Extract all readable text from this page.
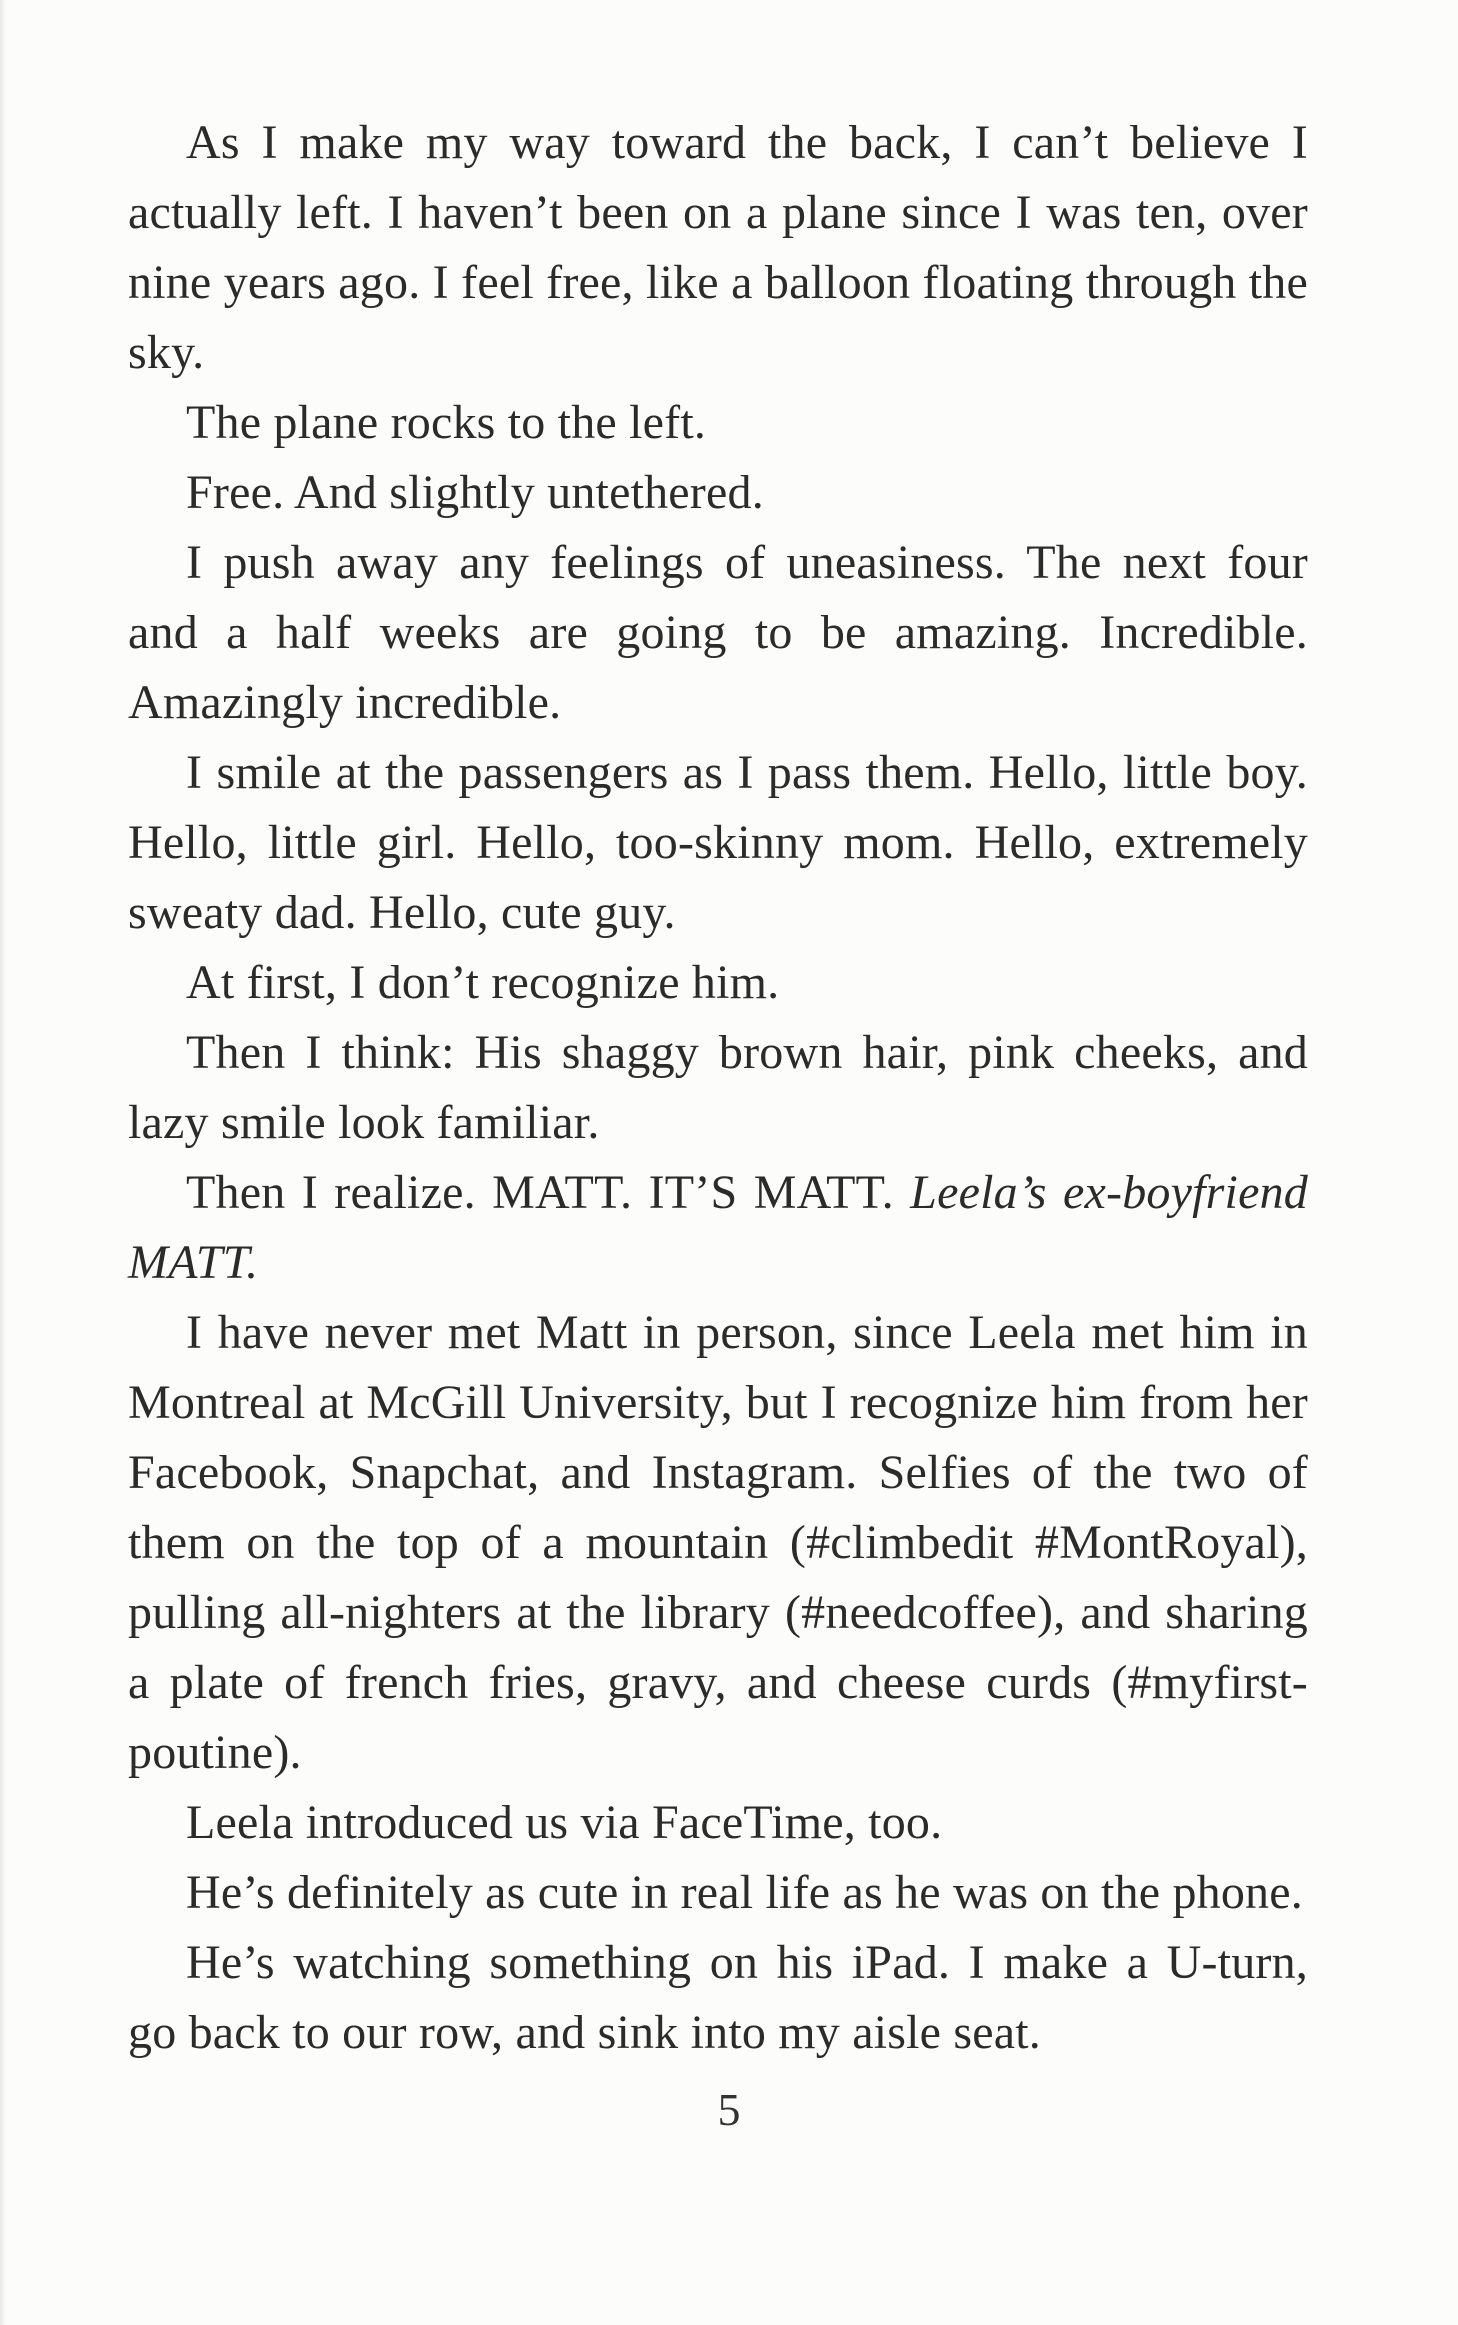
As I make my way toward the back, I can’t believe I actually left. I haven’t been on a plane since I was ten, over nine years ago. I feel free, like a balloon floating through the sky.

The plane rocks to the left.

Free. And slightly untethered.

I push away any feelings of uneasiness. The next four and a half weeks are going to be amazing. Incredible. Amazingly incredible.

I smile at the passengers as I pass them. Hello, little boy. Hello, little girl. Hello, too-skinny mom. Hello, extremely sweaty dad. Hello, cute guy.

At first, I don’t recognize him.

Then I think: His shaggy brown hair, pink cheeks, and lazy smile look familiar.

Then I realize. MATT. IT’S MATT. Leela’s ex-boyfriend MATT.

I have never met Matt in person, since Leela met him in Montreal at McGill University, but I recognize him from her Facebook, Snapchat, and Instagram. Selfies of the two of them on the top of a mountain (#climbedit #MontRoyal), pulling all-nighters at the library (#needcoffee), and sharing a plate of french fries, gravy, and cheese curds (#myfirst-poutine).

Leela introduced us via FaceTime, too.

He’s definitely as cute in real life as he was on the phone.

He’s watching something on his iPad. I make a U-turn, go back to our row, and sink into my aisle seat.

5
